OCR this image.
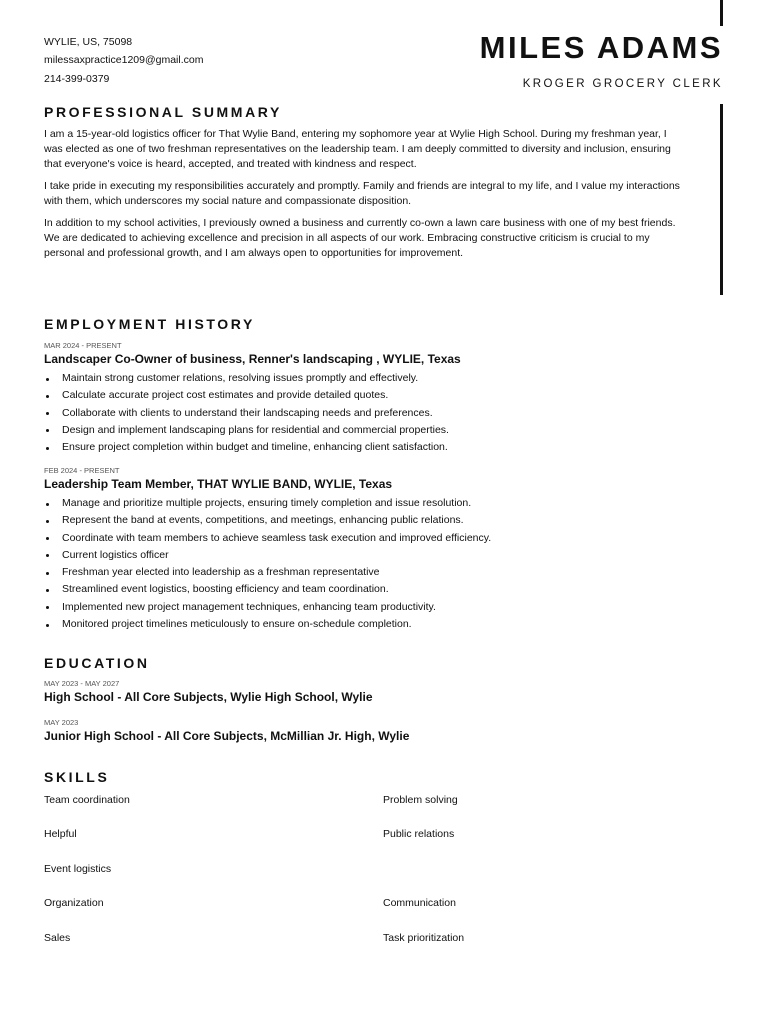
WYLIE, US, 75098
milessaxpractice1209@gmail.com
214-399-0379
MILES ADAMS
KROGER GROCERY CLERK
PROFESSIONAL SUMMARY

I am a 15-year-old logistics officer for That Wylie Band, entering my sophomore year at Wylie High School. During my freshman year, I was elected as one of two freshman representatives on the leadership team. I am deeply committed to diversity and inclusion, ensuring that everyone's voice is heard, accepted, and treated with kindness and respect.

I take pride in executing my responsibilities accurately and promptly. Family and friends are integral to my life, and I value my interactions with them, which underscores my social nature and compassionate disposition.

In addition to my school activities, I previously owned a business and currently co-own a lawn care business with one of my best friends. We are dedicated to achieving excellence and precision in all aspects of our work. Embracing constructive criticism is crucial to my personal and professional growth, and I am always open to opportunities for improvement.

EMPLOYMENT HISTORY
MAR 2024 - PRESENT
Landscaper Co-Owner of business, Renner's landscaping , WYLIE, Texas
Maintain strong customer relations, resolving issues promptly and effectively.
Calculate accurate project cost estimates and provide detailed quotes.
Collaborate with clients to understand their landscaping needs and preferences.
Design and implement landscaping plans for residential and commercial properties.
Ensure project completion within budget and timeline, enhancing client satisfaction.
FEB 2024 - PRESENT
Leadership Team Member, THAT WYLIE BAND, WYLIE, Texas
Manage and prioritize multiple projects, ensuring timely completion and issue resolution.
Represent the band at events, competitions, and meetings, enhancing public relations.
Coordinate with team members to achieve seamless task execution and improved efficiency.
Current logistics officer
Freshman year elected into leadership as a freshman representative
Streamlined event logistics, boosting efficiency and team coordination.
Implemented new project management techniques, enhancing team productivity.
Monitored project timelines meticulously to ensure on-schedule completion.
EDUCATION
MAY 2023 - MAY 2027
High School - All Core Subjects, Wylie High School, Wylie
MAY 2023
Junior High School - All Core Subjects, McMillian Jr. High, Wylie
SKILLS
Team coordination
Helpful
Event logistics
Organization
Sales
Problem solving
Public relations
Communication
Task prioritization
